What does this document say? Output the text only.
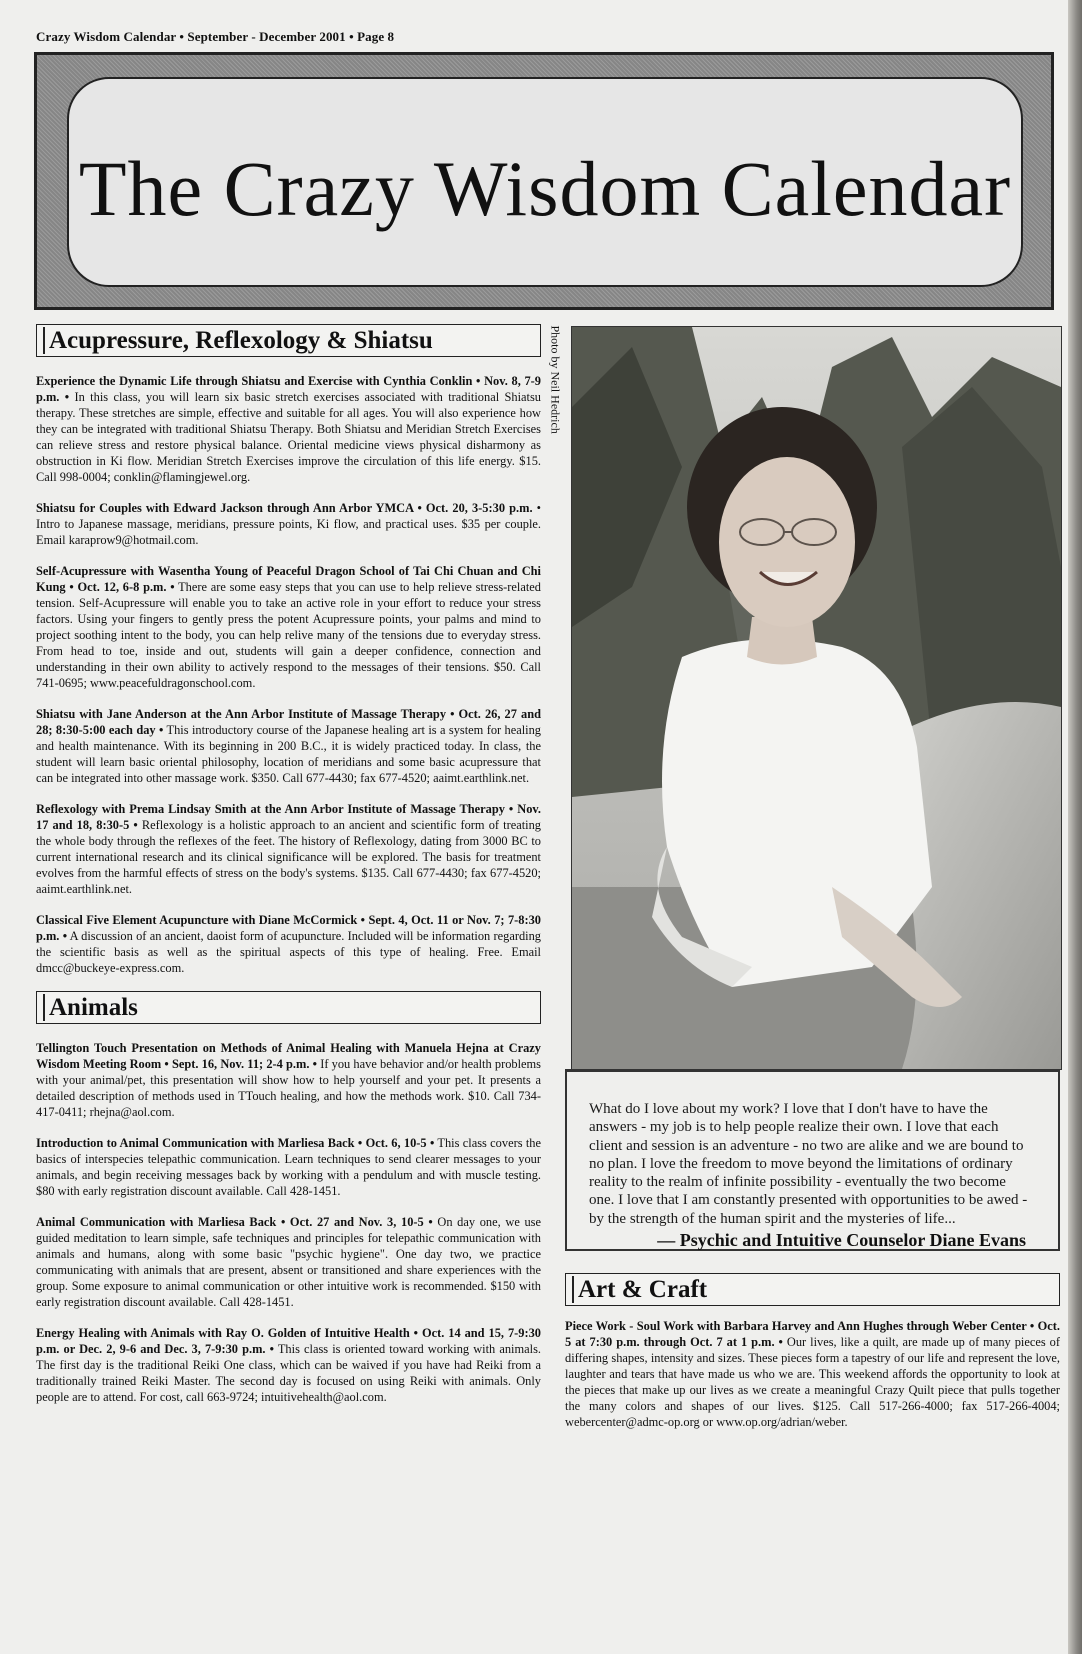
Crazy Wisdom Calendar • September - December 2001 • Page 8
The Crazy Wisdom Calendar
Acupressure, Reflexology & Shiatsu

Experience the Dynamic Life through Shiatsu and Exercise with Cynthia Conklin • Nov. 8, 7-9 p.m. • In this class, you will learn six basic stretch exercises associated with traditional Shiatsu therapy. These stretches are simple, effective and suitable for all ages. You will also experience how they can be integrated with traditional Shiatsu Therapy. Both Shiatsu and Meridian Stretch Exercises can relieve stress and restore physical balance. Oriental medicine views physical disharmony as obstruction in Ki flow. Meridian Stretch Exercises improve the circulation of this life energy. $15. Call 998-0004; conklin@flamingjewel.org.

Shiatsu for Couples with Edward Jackson through Ann Arbor YMCA • Oct. 20, 3-5:30 p.m. • Intro to Japanese massage, meridians, pressure points, Ki flow, and practical uses. $35 per couple. Email karaprow9@hotmail.com.

Self-Acupressure with Wasentha Young of Peaceful Dragon School of Tai Chi Chuan and Chi Kung • Oct. 12, 6-8 p.m. • There are some easy steps that you can use to help relieve stress-related tension. Self-Acupressure will enable you to take an active role in your effort to reduce your stress factors. Using your fingers to gently press the potent Acupressure points, your palms and mind to project soothing intent to the body, you can help relive many of the tensions due to everyday stress. From head to toe, inside and out, students will gain a deeper confidence, connection and understanding in their own ability to actively respond to the messages of their tensions. $50. Call 741-0695; www.peacefuldragonschool.com.

Shiatsu with Jane Anderson at the Ann Arbor Institute of Massage Therapy • Oct. 26, 27 and 28; 8:30-5:00 each day • This introductory course of the Japanese healing art is a system for healing and health maintenance. With its beginning in 200 B.C., it is widely practiced today. In class, the student will learn basic oriental philosophy, location of meridians and some basic acupressure that can be integrated into other massage work. $350. Call 677-4430; fax 677-4520; aaimt.earthlink.net.

Reflexology with Prema Lindsay Smith at the Ann Arbor Institute of Massage Therapy • Nov. 17 and 18, 8:30-5 • Reflexology is a holistic approach to an ancient and scientific form of treating the whole body through the reflexes of the feet. The history of Reflexology, dating from 3000 BC to current international research and its clinical significance will be explored. The basis for treatment evolves from the harmful effects of stress on the body's systems. $135. Call 677-4430; fax 677-4520; aaimt.earthlink.net.

Classical Five Element Acupuncture with Diane McCormick • Sept. 4, Oct. 11 or Nov. 7; 7-8:30 p.m. • A discussion of an ancient, daoist form of acupuncture. Included will be information regarding the scientific basis as well as the spiritual aspects of this type of healing. Free. Email dmcc@buckeye-express.com.

Animals

Tellington Touch Presentation on Methods of Animal Healing with Manuela Hejna at Crazy Wisdom Meeting Room • Sept. 16, Nov. 11; 2-4 p.m. • If you have behavior and/or health problems with your animal/pet, this presentation will show how to help yourself and your pet. It presents a detailed description of methods used in TTouch healing, and how the methods work. $10. Call 734-417-0411; rhejna@aol.com.

Introduction to Animal Communication with Marliesa Back • Oct. 6, 10-5 • This class covers the basics of interspecies telepathic communication. Learn techniques to send clearer messages to your animals, and begin receiving messages back by working with a pendulum and with muscle testing. $80 with early registration discount available. Call 428-1451.

Animal Communication with Marliesa Back • Oct. 27 and Nov. 3, 10-5 • On day one, we use guided meditation to learn simple, safe techniques and principles for telepathic communication with animals and humans, along with some basic "psychic hygiene". One day two, we practice communicating with animals that are present, absent or transitioned and share experiences with the group. Some exposure to animal communication or other intuitive work is recommended. $150 with early registration discount available. Call 428-1451.

Energy Healing with Animals with Ray O. Golden of Intuitive Health • Oct. 14 and 15, 7-9:30 p.m. or Dec. 2, 9-6 and Dec. 3, 7-9:30 p.m. • This class is oriented toward working with animals. The first day is the traditional Reiki One class, which can be waived if you have had Reiki from a traditionally trained Reiki Master. The second day is focused on using Reiki with animals. Only people are to attend. For cost, call 663-9724; intuitivehealth@aol.com.

Photo by Neil Hedrich
What do I love about my work? I love that I don't have to have the answers - my job is to help people realize their own. I love that each client and session is an adventure - no two are alike and we are bound to no plan. I love the freedom to move beyond the limitations of ordinary reality to the realm of infinite possibility - eventually the two become one. I love that I am constantly presented with opportunities to be awed - by the strength of the human spirit and the mysteries of life...
— Psychic and Intuitive Counselor Diane Evans
Art & Craft

Piece Work - Soul Work with Barbara Harvey and Ann Hughes through Weber Center • Oct. 5 at 7:30 p.m. through Oct. 7 at 1 p.m. • Our lives, like a quilt, are made up of many pieces of differing shapes, intensity and sizes. These pieces form a tapestry of our life and represent the love, laughter and tears that have made us who we are. This weekend affords the opportunity to look at the pieces that make up our lives as we create a meaningful Crazy Quilt piece that pulls together the many colors and shapes of our lives. $125. Call 517-266-4000; fax 517-266-4004; webercenter@admc-op.org or www.op.org/adrian/weber.
